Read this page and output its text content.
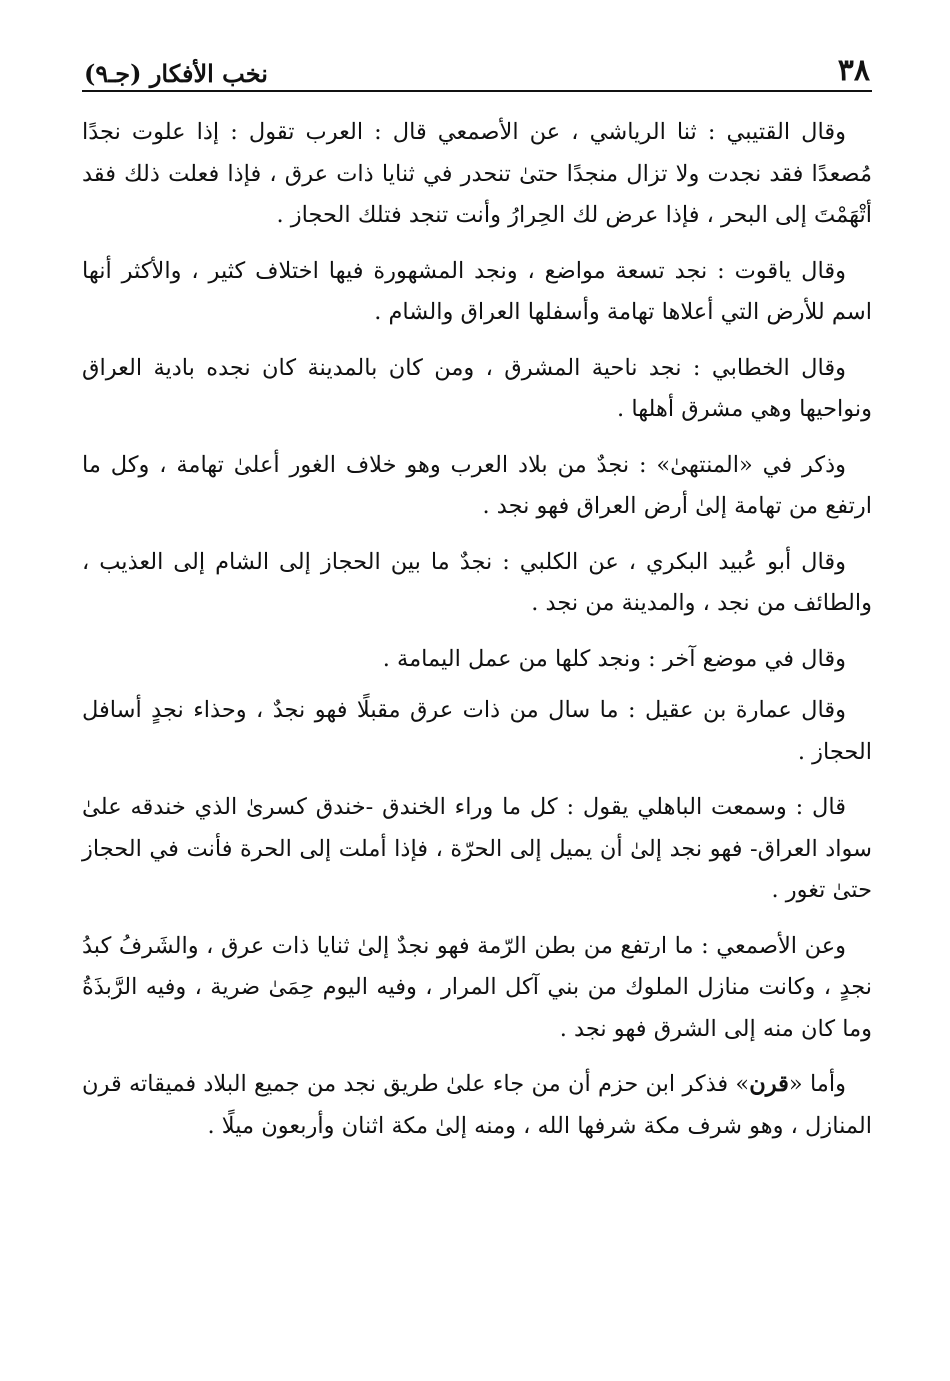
٣٨
نخب الأفكار (جـ٩)

وقال القتيبي : ثنا الرياشي ، عن الأصمعي قال : العرب تقول : إذا علوت نجدًا مُصعدًا فقد نجدت ولا تزال منجدًا حتىٰ تنحدر في ثنايا ذات عرق ، فإذا فعلت ذلك فقد أتْهَمْتَ إلى البحر ، فإذا عرض لك الحِرارُ وأنت تنجد فتلك الحجاز .

وقال ياقوت : نجد تسعة مواضع ، ونجد المشهورة فيها اختلاف كثير ، والأكثر أنها اسم للأرض التي أعلاها تهامة وأسفلها العراق والشام .

وقال الخطابي : نجد ناحية المشرق ، ومن كان بالمدينة كان نجده بادية العراق ونواحيها وهي مشرق أهلها .

وذكر في «المنتهىٰ» : نجدٌ من بلاد العرب وهو خلاف الغور أعلىٰ تهامة ، وكل ما ارتفع من تهامة إلىٰ أرض العراق فهو نجد .

وقال أبو عُبيد البكري ، عن الكلبي : نجدٌ ما بين الحجاز إلى الشام إلى العذيب ، والطائف من نجد ، والمدينة من نجد .

وقال في موضع آخر : ونجد كلها من عمل اليمامة .

وقال عمارة بن عقيل : ما سال من ذات عرق مقبلًا فهو نجدٌ ، وحذاء نجدٍ أسافل الحجاز .

قال : وسمعت الباهلي يقول : كل ما وراء الخندق -خندق كسرىٰ الذي خندقه علىٰ سواد العراق- فهو نجد إلىٰ أن يميل إلى الحرّة ، فإذا أملت إلى الحرة فأنت في الحجاز حتىٰ تغور .

وعن الأصمعي : ما ارتفع من بطن الرّمة فهو نجدٌ إلىٰ ثنايا ذات عرق ، والشَرفُ كبدُ نجدٍ ، وكانت منازل الملوك من بني آكل المرار ، وفيه اليوم حِمَىٰ ضرية ، وفيه الرَّبذَةُ وما كان منه إلى الشرق فهو نجد .

وأما «قرن» فذكر ابن حزم أن من جاء علىٰ طريق نجد من جميع البلاد فميقاته قرن المنازل ، وهو شرف مكة شرفها الله ، ومنه إلىٰ مكة اثنان وأربعون ميلًا .
